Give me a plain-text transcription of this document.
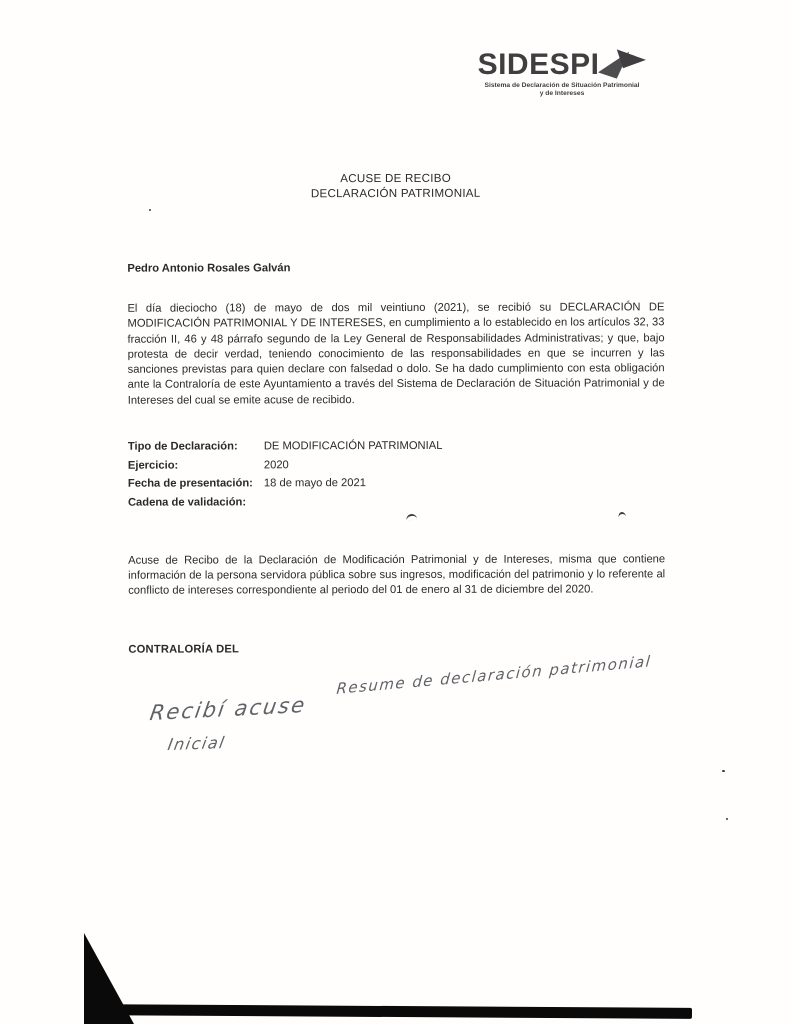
SIDESPI
Sistema de Declaración de Situación Patrimonial y de Intereses
ACUSE DE RECIBO
DECLARACIÓN PATRIMONIAL

Pedro Antonio Rosales Galván

El día dieciocho (18) de mayo de dos mil veintiuno (2021), se recibió su DECLARACIÓN DE MODIFICACIÓN PATRIMONIAL Y DE INTERESES, en cumplimiento a lo establecido en los artículos 32, 33 fracción II, 46 y 48 párrafo segundo de la Ley General de Responsabilidades Administrativas; y que, bajo protesta de decir verdad, teniendo conocimiento de las responsabilidades en que se incurren y las sanciones previstas para quien declare con falsedad o dolo. Se ha dado cumplimiento con esta obligación ante la Contraloría de este Ayuntamiento a través del Sistema de Declaración de Situación Patrimonial y de Intereses del cual se emite acuse de recibido.

Tipo de Declaración:	DE MODIFICACIÓN PATRIMONIAL
Ejercicio:	2020
Fecha de presentación: 18 de mayo de 2021
Cadena de validación:

Acuse de Recibo de la Declaración de Modificación Patrimonial y de Intereses, misma que contiene información de la persona servidora pública sobre sus ingresos, modificación del patrimonio y lo referente al conflicto de intereses correspondiente al periodo del 01 de enero al 31 de diciembre del 2020.

CONTRALORÍA DEL

Resume de declaración patrimonial
Recibí acuse
Inicial
